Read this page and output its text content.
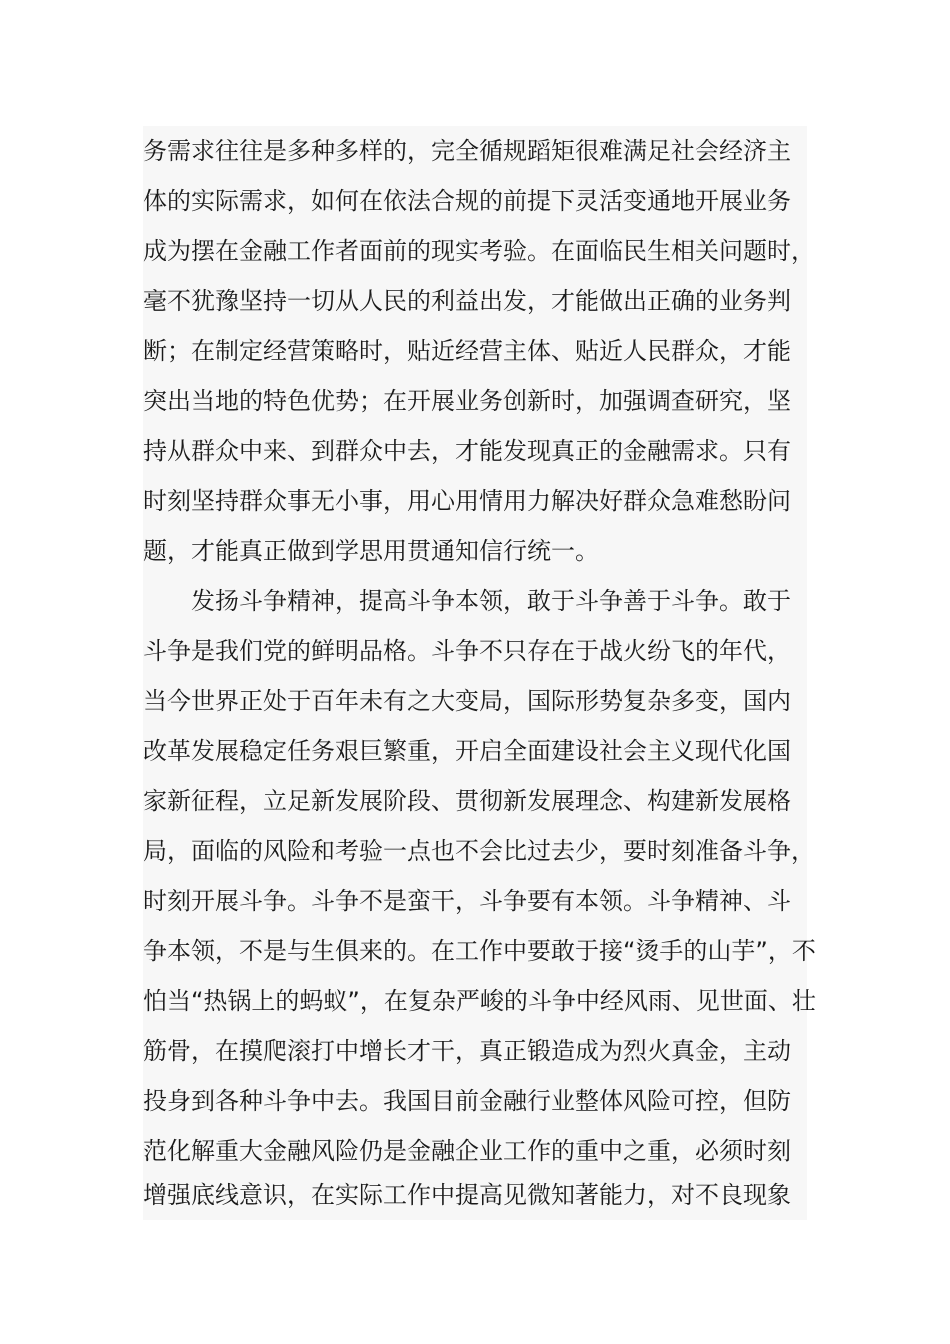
务需求往往是多种多样的，完全循规蹈矩很难满足社会经济主
体的实际需求，如何在依法合规的前提下灵活变通地开展业务
成为摆在金融工作者面前的现实考验。在面临民生相关问题时，
毫不犹豫坚持一切从人民的利益出发，才能做出正确的业务判
断；在制定经营策略时，贴近经营主体、贴近人民群众，才能
突出当地的特色优势；在开展业务创新时，加强调查研究，坚
持从群众中来、到群众中去，才能发现真正的金融需求。只有
时刻坚持群众事无小事，用心用情用力解决好群众急难愁盼问
题，才能真正做到学思用贯通知信行统一。
发扬斗争精神，提高斗争本领，敢于斗争善于斗争。敢于
斗争是我们党的鲜明品格。斗争不只存在于战火纷飞的年代，
当今世界正处于百年未有之大变局，国际形势复杂多变，国内
改革发展稳定任务艰巨繁重，开启全面建设社会主义现代化国
家新征程，立足新发展阶段、贯彻新发展理念、构建新发展格
局，面临的风险和考验一点也不会比过去少，要时刻准备斗争，
时刻开展斗争。斗争不是蛮干，斗争要有本领。斗争精神、斗
争本领，不是与生俱来的。在工作中要敢于接“烫手的山芋”，不
怕当“热锅上的蚂蚁”，在复杂严峻的斗争中经风雨、见世面、壮
筋骨，在摸爬滚打中增长才干，真正锻造成为烈火真金，主动
投身到各种斗争中去。我国目前金融行业整体风险可控，但防
范化解重大金融风险仍是金融企业工作的重中之重，必须时刻
增强底线意识，在实际工作中提高见微知著能力，对不良现象
